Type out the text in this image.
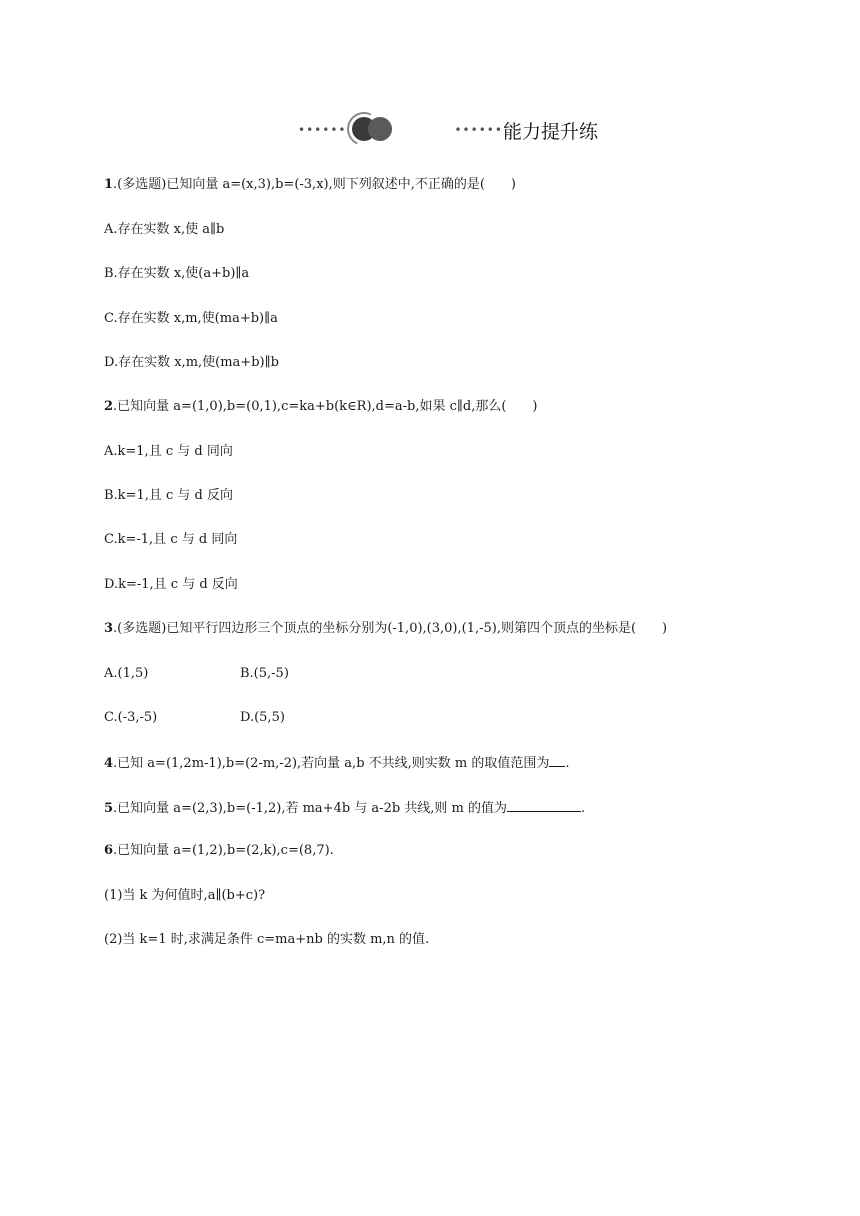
••••••	•••••• 能力提升练
1.(多选题)已知向量 a=(x,3),b=(-3,x),则下列叙述中,不正确的是(　　)
A.存在实数 x,使 a∥b
B.存在实数 x,使(a+b)∥a
C.存在实数 x,m,使(ma+b)∥a
D.存在实数 x,m,使(ma+b)∥b
2.已知向量 a=(1,0),b=(0,1),c=ka+b(k∈R),d=a-b,如果 c∥d,那么(　　)
A.k=1,且 c 与 d 同向
B.k=1,且 c 与 d 反向
C.k=-1,且 c 与 d 同向
D.k=-1,且 c 与 d 反向
3.(多选题)已知平行四边形三个顶点的坐标分别为(-1,0),(3,0),(1,-5),则第四个顶点的坐标是(　　)
A.(1,5)	B.(5,-5)
C.(-3,-5)	D.(5,5)
4.已知 a=(1,2m-1),b=(2-m,-2),若向量 a,b 不共线,则实数 m 的取值范围为 .
5.已知向量 a=(2,3),b=(-1,2),若 ma+4b 与 a-2b 共线,则 m 的值为	.
6.已知向量 a=(1,2),b=(2,k),c=(8,7).
(1)当 k 为何值时,a∥(b+c)?
(2)当 k=1 时,求满足条件 c=ma+nb 的实数 m,n 的值.
